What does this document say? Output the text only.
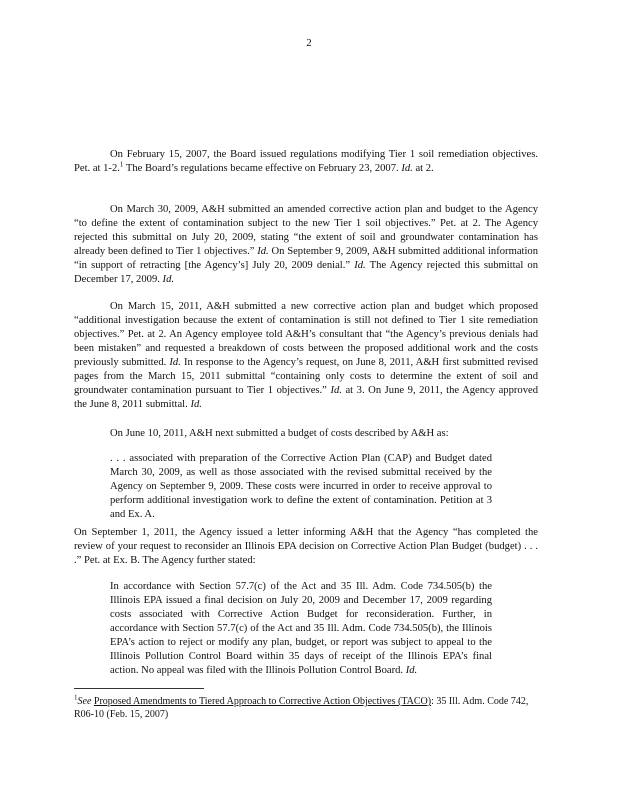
2

On February 15, 2007, the Board issued regulations modifying Tier 1 soil remediation objectives. Pet. at 1-2.$^1$ The Board’s regulations became effective on February 23, 2007. Id. at 2.

On March 30, 2009, A&H submitted an amended corrective action plan and budget to the Agency “to define the extent of contamination subject to the new Tier 1 soil objectives.” Pet. at 2. The Agency rejected this submittal on July 20, 2009, stating “the extent of soil and groundwater contamination has already been defined to Tier 1 objectives.” Id. On September 9, 2009, A&H submitted additional information “in support of retracting [the Agency’s] July 20, 2009 denial.” Id. The Agency rejected this submittal on December 17, 2009. Id.

On March 15, 2011, A&H submitted a new corrective action plan and budget which proposed “additional investigation because the extent of contamination is still not defined to Tier 1 site remediation objectives.” Pet. at 2. An Agency employee told A&H’s consultant that “the Agency’s previous denials had been mistaken” and requested a breakdown of costs between the proposed additional work and the costs previously submitted. Id. In response to the Agency’s request, on June 8, 2011, A&H first submitted revised pages from the March 15, 2011 submittal “containing only costs to determine the extent of soil and groundwater contamination pursuant to Tier 1 objectives.” Id. at 3. On June 9, 2011, the Agency approved the June 8, 2011 submittal. Id.

On June 10, 2011, A&H next submitted a budget of costs described by A&H as:

. . . associated with preparation of the Corrective Action Plan (CAP) and Budget dated March 30, 2009, as well as those associated with the revised submittal received by the Agency on September 9, 2009. These costs were incurred in order to receive approval to perform additional investigation work to define the extent of contamination. Petition at 3 and Ex. A.

On September 1, 2011, the Agency issued a letter informing A&H that the Agency “has completed the review of your request to reconsider an Illinois EPA decision on Corrective Action Plan Budget (budget) . . . .” Pet. at Ex. B. The Agency further stated:

In accordance with Section 57.7(c) of the Act and 35 Ill. Adm. Code 734.505(b) the Illinois EPA issued a final decision on July 20, 2009 and December 17, 2009 regarding costs associated with Corrective Action Budget for reconsideration. Further, in accordance with Section 57.7(c) of the Act and 35 Ill. Adm. Code 734.505(b), the Illinois EPA’s action to reject or modify any plan, budget, or report was subject to appeal to the Illinois Pollution Control Board within 35 days of receipt of the Illinois EPA’s final action. No appeal was filed with the Illinois Pollution Control Board. Id.

$^1$See Proposed Amendments to Tiered Approach to Corrective Action Objectives (TACO): 35 Ill. Adm. Code 742, R06-10 (Feb. 15, 2007)
